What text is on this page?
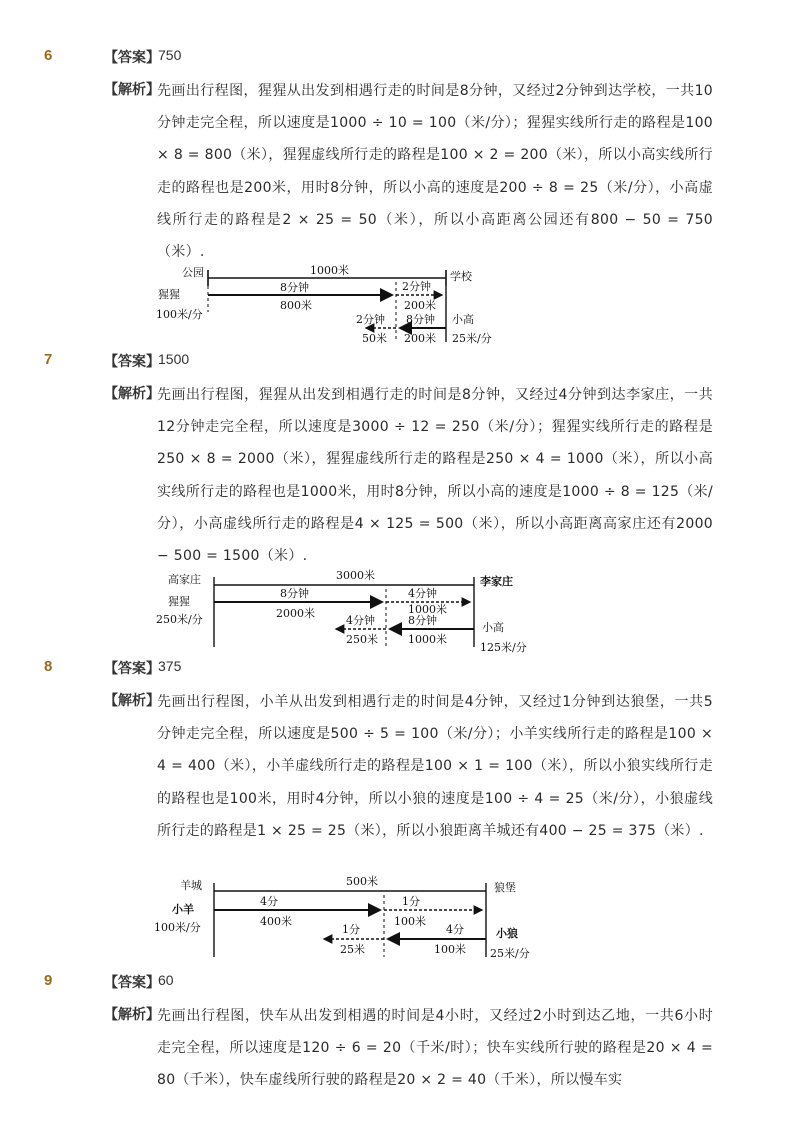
6	【答案】
750
【解析】
先画出行程图，猩猩从出发到相遇行走的时间是8分钟，又经过2分钟到达学校，一共10分钟走完全程，所以速度是1000 ÷ 10 = 100（米/分）；猩猩实线所行走的路程是100 × 8 = 800（米），猩猩虚线所行走的路程是100 × 2 = 200（米），所以小高实线所行走的路程也是200米，用时8分钟，所以小高的速度是200 ÷ 8 = 25（米/分），小高虚线所行走的路程是2 × 25 = 50（米），所以小高距离公园还有800 − 50 = 750（米）.
公园	1000米	学校
猩猩
100米/分
8分钟
800米
2分钟
200米
8分钟
200米
2分钟
50米
小高
25米/分
7	【答案】
1500
【解析】
先画出行程图，猩猩从出发到相遇行走的时间是8分钟，又经过4分钟到达李家庄，一共12分钟走完全程，所以速度是3000 ÷ 12 = 250（米/分）；猩猩实线所行走的路程是250 × 8 = 2000（米），猩猩虚线所行走的路程是250 × 4 = 1000（米），所以小高实线所行走的路程也是1000米，用时8分钟，所以小高的速度是1000 ÷ 8 = 125（米/分），小高虚线所行走的路程是4 × 125 = 500（米），所以小高距离高家庄还有2000 − 500 = 1500（米）.
高家庄	3000米	李家庄
猩猩
250米/分
8分钟
2000米
4分钟
1000米
8分钟
1000米
4分钟
250米
小高
125米/分
8	【答案】
375
【解析】
先画出行程图，小羊从出发到相遇行走的时间是4分钟，又经过1分钟到达狼堡，一共5分钟走完全程，所以速度是500 ÷ 5 = 100（米/分）；小羊实线所行走的路程是100 × 4 = 400（米），小羊虚线所行走的路程是100 × 1 = 100（米），所以小狼实线所行走的路程也是100米，用时4分钟，所以小狼的速度是100 ÷ 4 = 25（米/分），小狼虚线所行走的路程是1 × 25 = 25（米），所以小狼距离羊城还有400 − 25 = 375（米）.
羊城	500米	狼堡
小羊
100米/分
4分
400米
1分
100米
4分
100米
1分
25米
小狼
25米/分
9	【答案】
60
【解析】
先画出行程图，快车从出发到相遇的时间是4小时，又经过2小时到达乙地，一共6小时走完全程，所以速度是120 ÷ 6 = 20（千米/时）；快车实线所行驶的路程是20 × 4 = 80（千米），快车虚线所行驶的路程是20 × 2 = 40（千米），所以慢车实
